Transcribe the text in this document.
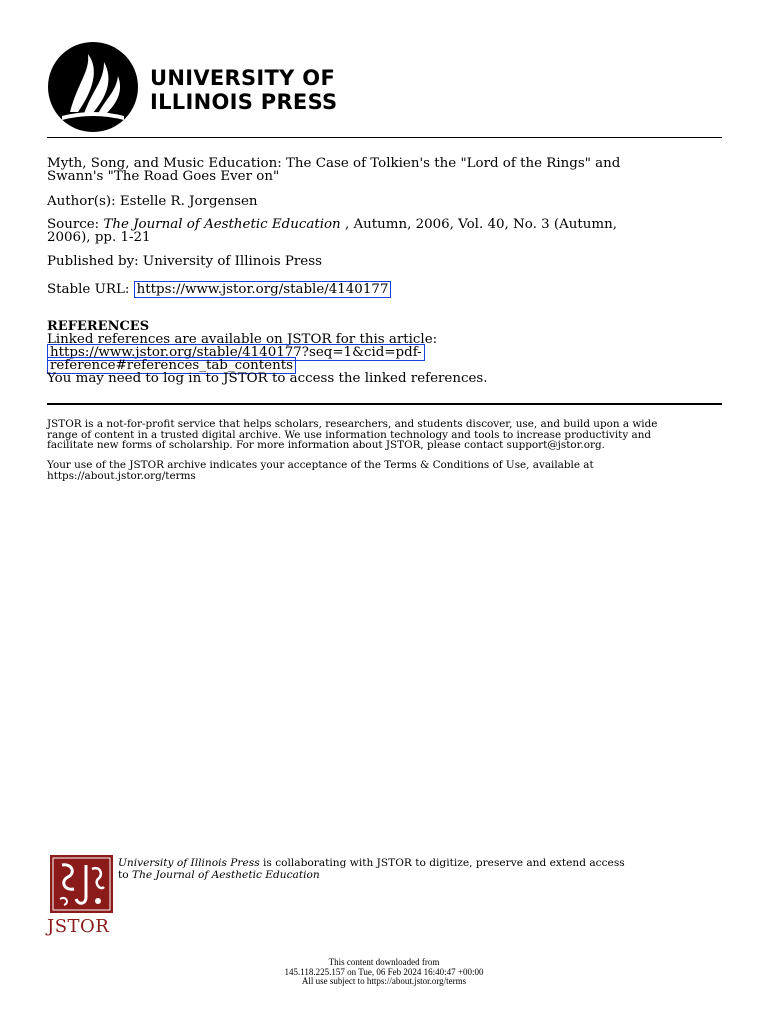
UNIVERSITY OF
ILLINOIS PRESS
Myth, Song, and Music Education: The Case of Tolkien's the "Lord of the Rings" and
Swann's "The Road Goes Ever on"
Author(s): Estelle R. Jorgensen
Source: The Journal of Aesthetic Education , Autumn, 2006, Vol. 40, No. 3 (Autumn,
2006), pp. 1-21
Published by: University of Illinois Press
Stable URL: https://www.jstor.org/stable/4140177
REFERENCES
Linked references are available on JSTOR for this article:
https://www.jstor.org/stable/4140177?seq=1&cid=pdf-
reference#references_tab_contents
You may need to log in to JSTOR to access the linked references.
JSTOR is a not-for-profit service that helps scholars, researchers, and students discover, use, and build upon a wide
range of content in a trusted digital archive. We use information technology and tools to increase productivity and
facilitate new forms of scholarship. For more information about JSTOR, please contact support@jstor.org.
Your use of the JSTOR archive indicates your acceptance of the Terms & Conditions of Use, available at
https://about.jstor.org/terms
JSTOR
University of Illinois Press is collaborating with JSTOR to digitize, preserve and extend access
to The Journal of Aesthetic Education
This content downloaded from
145.118.225.157 on Tue, 06 Feb 2024 16:40:47 +00:00
All use subject to https://about.jstor.org/terms
